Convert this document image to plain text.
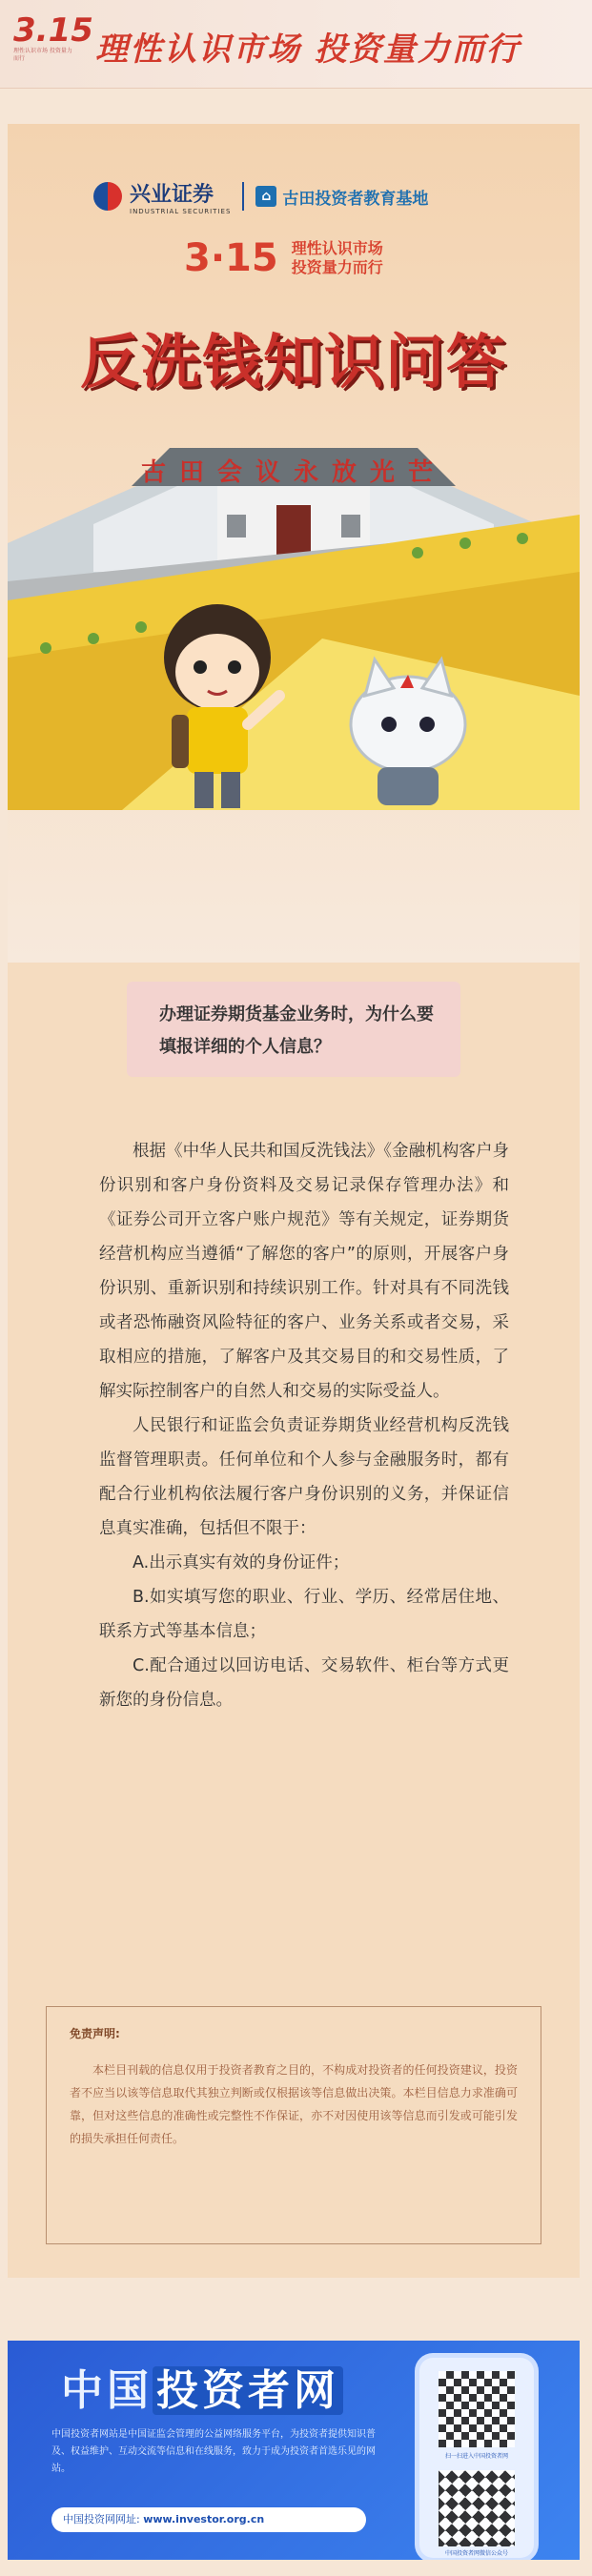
3.15
理性认识市场 投资量力而行	理性认识市场 投资量力而行
兴业证券
INDUSTRIAL SECURITIES
⌂ 古田投资者教育基地
3·15 理性认识市场
投资量力而行
反洗钱知识问答
古田会议永放光芒
办理证券期货基金业务时，为什么要填报详细的个人信息？

根据《中华人民共和国反洗钱法》《金融机构客户身份识别和客户身份资料及交易记录保存管理办法》和《证券公司开立客户账户规范》等有关规定，证券期货经营机构应当遵循“了解您的客户”的原则，开展客户身份识别、重新识别和持续识别工作。针对具有不同洗钱或者恐怖融资风险特征的客户、业务关系或者交易，采取相应的措施，了解客户及其交易目的和交易性质，了解实际控制客户的自然人和交易的实际受益人。

人民银行和证监会负责证券期货业经营机构反洗钱监督管理职责。任何单位和个人参与金融服务时，都有配合行业机构依法履行客户身份识别的义务，并保证信息真实准确，包括但不限于：

A.出示真实有效的身份证件；

B.如实填写您的职业、行业、学历、经常居住地、联系方式等基本信息；

C.配合通过以回访电话、交易软件、柜台等方式更新您的身份信息。

免责声明:

本栏目刊载的信息仅用于投资者教育之目的，不构成对投资者的任何投资建议，投资者不应当以该等信息取代其独立判断或仅根据该等信息做出决策。本栏目信息力求准确可靠，但对这些信息的准确性或完整性不作保证，亦不对因使用该等信息而引发或可能引发的损失承担任何责任。

中国投资者网
中国投资者网站是中国证监会管理的公益网络服务平台，为投资者提供知识普及、权益维护、互动交流等信息和在线服务，致力于成为投资者首选乐见的网站。
中国投资网网址: www.investor.org.cn
扫一扫进入中国投资者网
中国投资者网微信公众号
